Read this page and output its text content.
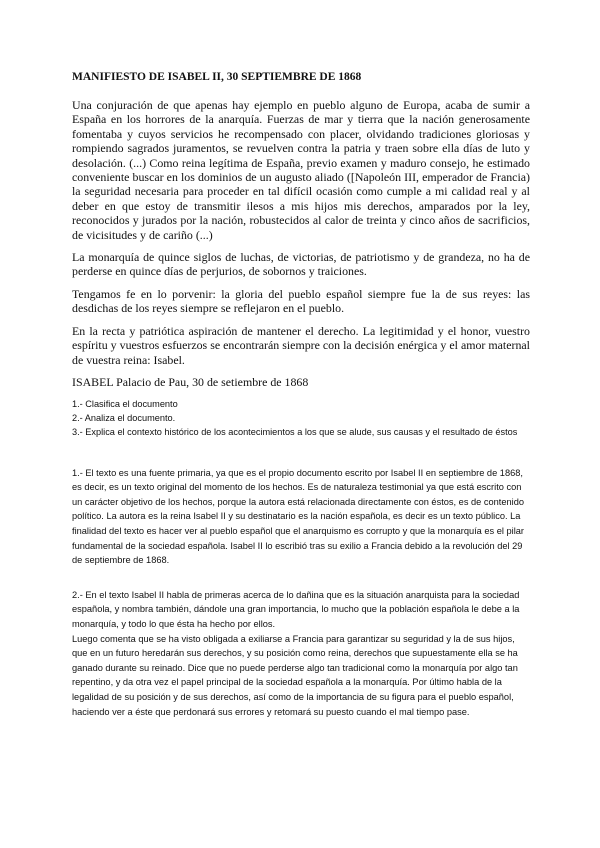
MANIFIESTO DE ISABEL II, 30 SEPTIEMBRE DE 1868

Una conjuración de que apenas hay ejemplo en pueblo alguno de Europa, acaba de sumir a España en los horrores de la anarquía. Fuerzas de mar y tierra que la nación generosamente fomentaba y cuyos servicios he recompensado con placer, olvidando tradiciones gloriosas y rompiendo sagrados juramentos, se revuelven contra la patria y traen sobre ella días de luto y desolación. (...) Como reina legítima de España, previo examen y maduro consejo, he estimado conveniente buscar en los dominios de un augusto aliado ([Napoleón III, emperador de Francia) la seguridad necesaria para proceder en tal difícil ocasión como cumple a mi calidad real y al deber en que estoy de transmitir ilesos a mis hijos mis derechos, amparados por la ley, reconocidos y jurados por la nación, robustecidos al calor de treinta y cinco años de sacrificios, de vicisitudes y de cariño (...)

La monarquía de quince siglos de luchas, de victorias, de patriotismo y de grandeza, no ha de perderse en quince días de perjurios, de sobornos y traiciones.

Tengamos fe en lo porvenir: la gloria del pueblo español siempre fue la de sus reyes: las desdichas de los reyes siempre se reflejaron en el pueblo.

En la recta y patriótica aspiración de mantener el derecho. La legitimidad y el honor, vuestro espíritu y vuestros esfuerzos se encontrarán siempre con la decisión enérgica y el amor maternal de vuestra reina: Isabel.

ISABEL Palacio de Pau, 30 de setiembre de 1868

1.- Clasifica el documento
2.- Analiza el documento.
3.- Explica el contexto histórico de los acontecimientos a los que se alude, sus causas y el resultado de éstos

1.- El texto es una fuente primaria, ya que es el propio documento escrito por Isabel II en septiembre de 1868, es decir, es un texto original del momento de los hechos. Es de naturaleza testimonial ya que está escrito con un carácter objetivo de los hechos, porque la autora está relacionada directamente con éstos, es de contenido político. La autora es la reina Isabel II y su destinatario es la nación española, es decir es un texto público. La finalidad del texto es hacer ver al pueblo español que el anarquismo es corrupto y que la monarquía es el pilar fundamental de la sociedad española. Isabel II lo escribió tras su exilio a Francia debido a la revolución del 29 de septiembre de 1868.

2.- En el texto Isabel II habla de primeras acerca de lo dañina que es la situación anarquista para la sociedad española, y nombra también, dándole una gran importancia, lo mucho que la población española le debe a la monarquía, y todo lo que ésta ha hecho por ellos.

Luego comenta que se ha visto obligada a exiliarse a Francia para garantizar su seguridad y la de sus hijos, que en un futuro heredarán sus derechos, y su posición como reina, derechos que supuestamente ella se ha ganado durante su reinado. Dice que no puede perderse algo tan tradicional como la monarquía por algo tan repentino, y da otra vez el papel principal de la sociedad española a la monarquía. Por último habla de la legalidad de su posición y de sus derechos, así como de la importancia de su figura para el pueblo español, haciendo ver a éste que perdonará sus errores y retomará su puesto cuando el mal tiempo pase.
